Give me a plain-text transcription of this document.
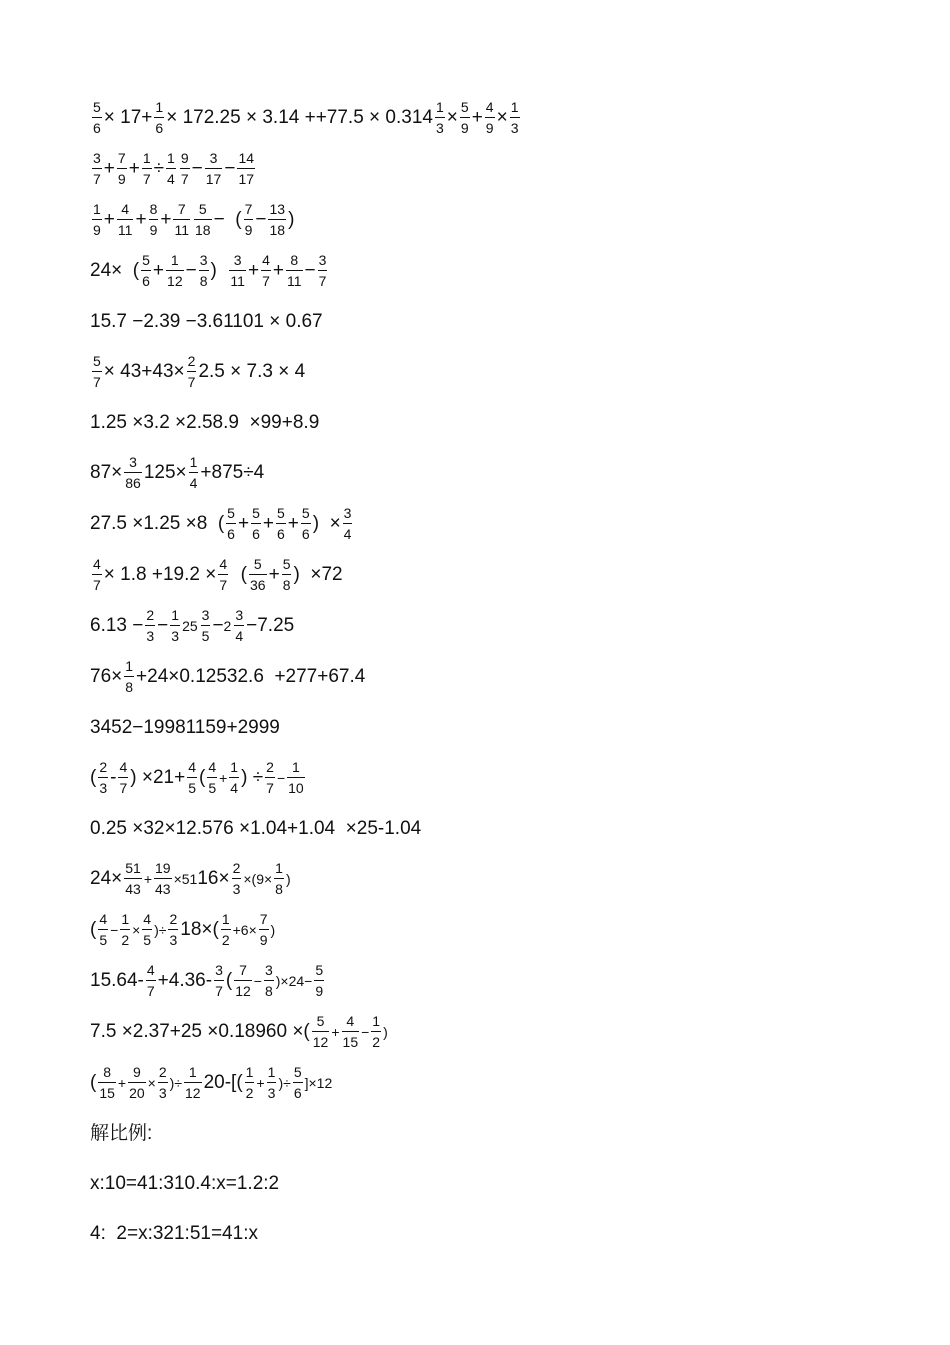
$\frac{5}{6} \times 17+ \frac{1}{6} \times 172.25 \times 3.14 ++77.5 \times 0.314 \frac{1}{3} \times \frac{5}{9} + \frac{4}{9} \times \frac{1}{3}$
$\frac{3}{7} + \frac{7}{9} + \frac{1}{7} \div \frac{1}{4} \frac{9}{7} - \frac{3}{17} - \frac{14}{17}$
$\frac{1}{9} + \frac{4}{11} + \frac{8}{9} + \frac{7}{11} \frac{5}{18}$ −  ( $\frac{7}{9} - \frac{13}{18}$ )
24×  ( $\frac{5}{6} + \frac{1}{12} - \frac{3}{8}$ ) $\frac{3}{11} + \frac{4}{7} + \frac{8}{11} - \frac{3}{7}$
15.7 −2.39 −3.61101 × 0.67
$\frac{5}{7} \times 43+43\times \frac{2}{7} 2.5 \times 7.3 \times 4$
1.25 ×3.2 ×2.58.9  ×99+8.9
$87\times \frac{3}{86} 125\times \frac{1}{4} +875\div 4$
27.5 ×1.25 ×8  ( $\frac{5}{6} + \frac{5}{6} + \frac{5}{6} + \frac{5}{6}$ )  × $\frac{3}{4}$
$\frac{4}{7} \times 1.8 +19.2 \times \frac{4}{7}$ ( $\frac{5}{36} + \frac{5}{8}$ )  ×72
$6.13 - \frac{2}{3} - \frac{1}{3} 25 \frac{3}{5} - 2 \frac{3}{4} -7.25$
$76\times \frac{1}{8} +24\times 0.12532.6 +277+67.4$
3452−19981159+2999
( $\frac{2}{3} - \frac{4}{7}$ ) $\times 21+ \frac{4}{5}$ ( $\frac{4}{5} + \frac{1}{4}$ ) ÷ $\frac{2}{7} - \frac{1}{10}$
0.25 ×32×12.576 ×1.04+1.04  ×25-1.04
$24\times \frac{51}{43} + \frac{19}{43} \times 51$ $16\times \frac{2}{3} \times(9\times \frac{1}{8}$ )
( $\frac{4}{5} - \frac{1}{2} \times \frac{4}{5}$ )÷ $\frac{2}{3} 18\times( \frac{1}{2} +6\times \frac{7}{9}$ )
$15.64- \frac{4}{7} +4.36- \frac{3}{7}$ ( $\frac{7}{12} - \frac{3}{8} )\times 24- \frac{5}{9}$
7.5 ×2.37+25 ×0.18960 ×( $\frac{5}{12} + \frac{4}{15} - \frac{1}{2}$ )
( $\frac{8}{15} + \frac{9}{20} \times \frac{2}{3}$ )÷ $\frac{1}{12} 20-[( \frac{1}{2} + \frac{1}{3}$ )÷ $\frac{5}{6} ]\times 12$
解比例:
x:10=41:310.4:x=1.2:2
4:  2=x:321:51=41:x
